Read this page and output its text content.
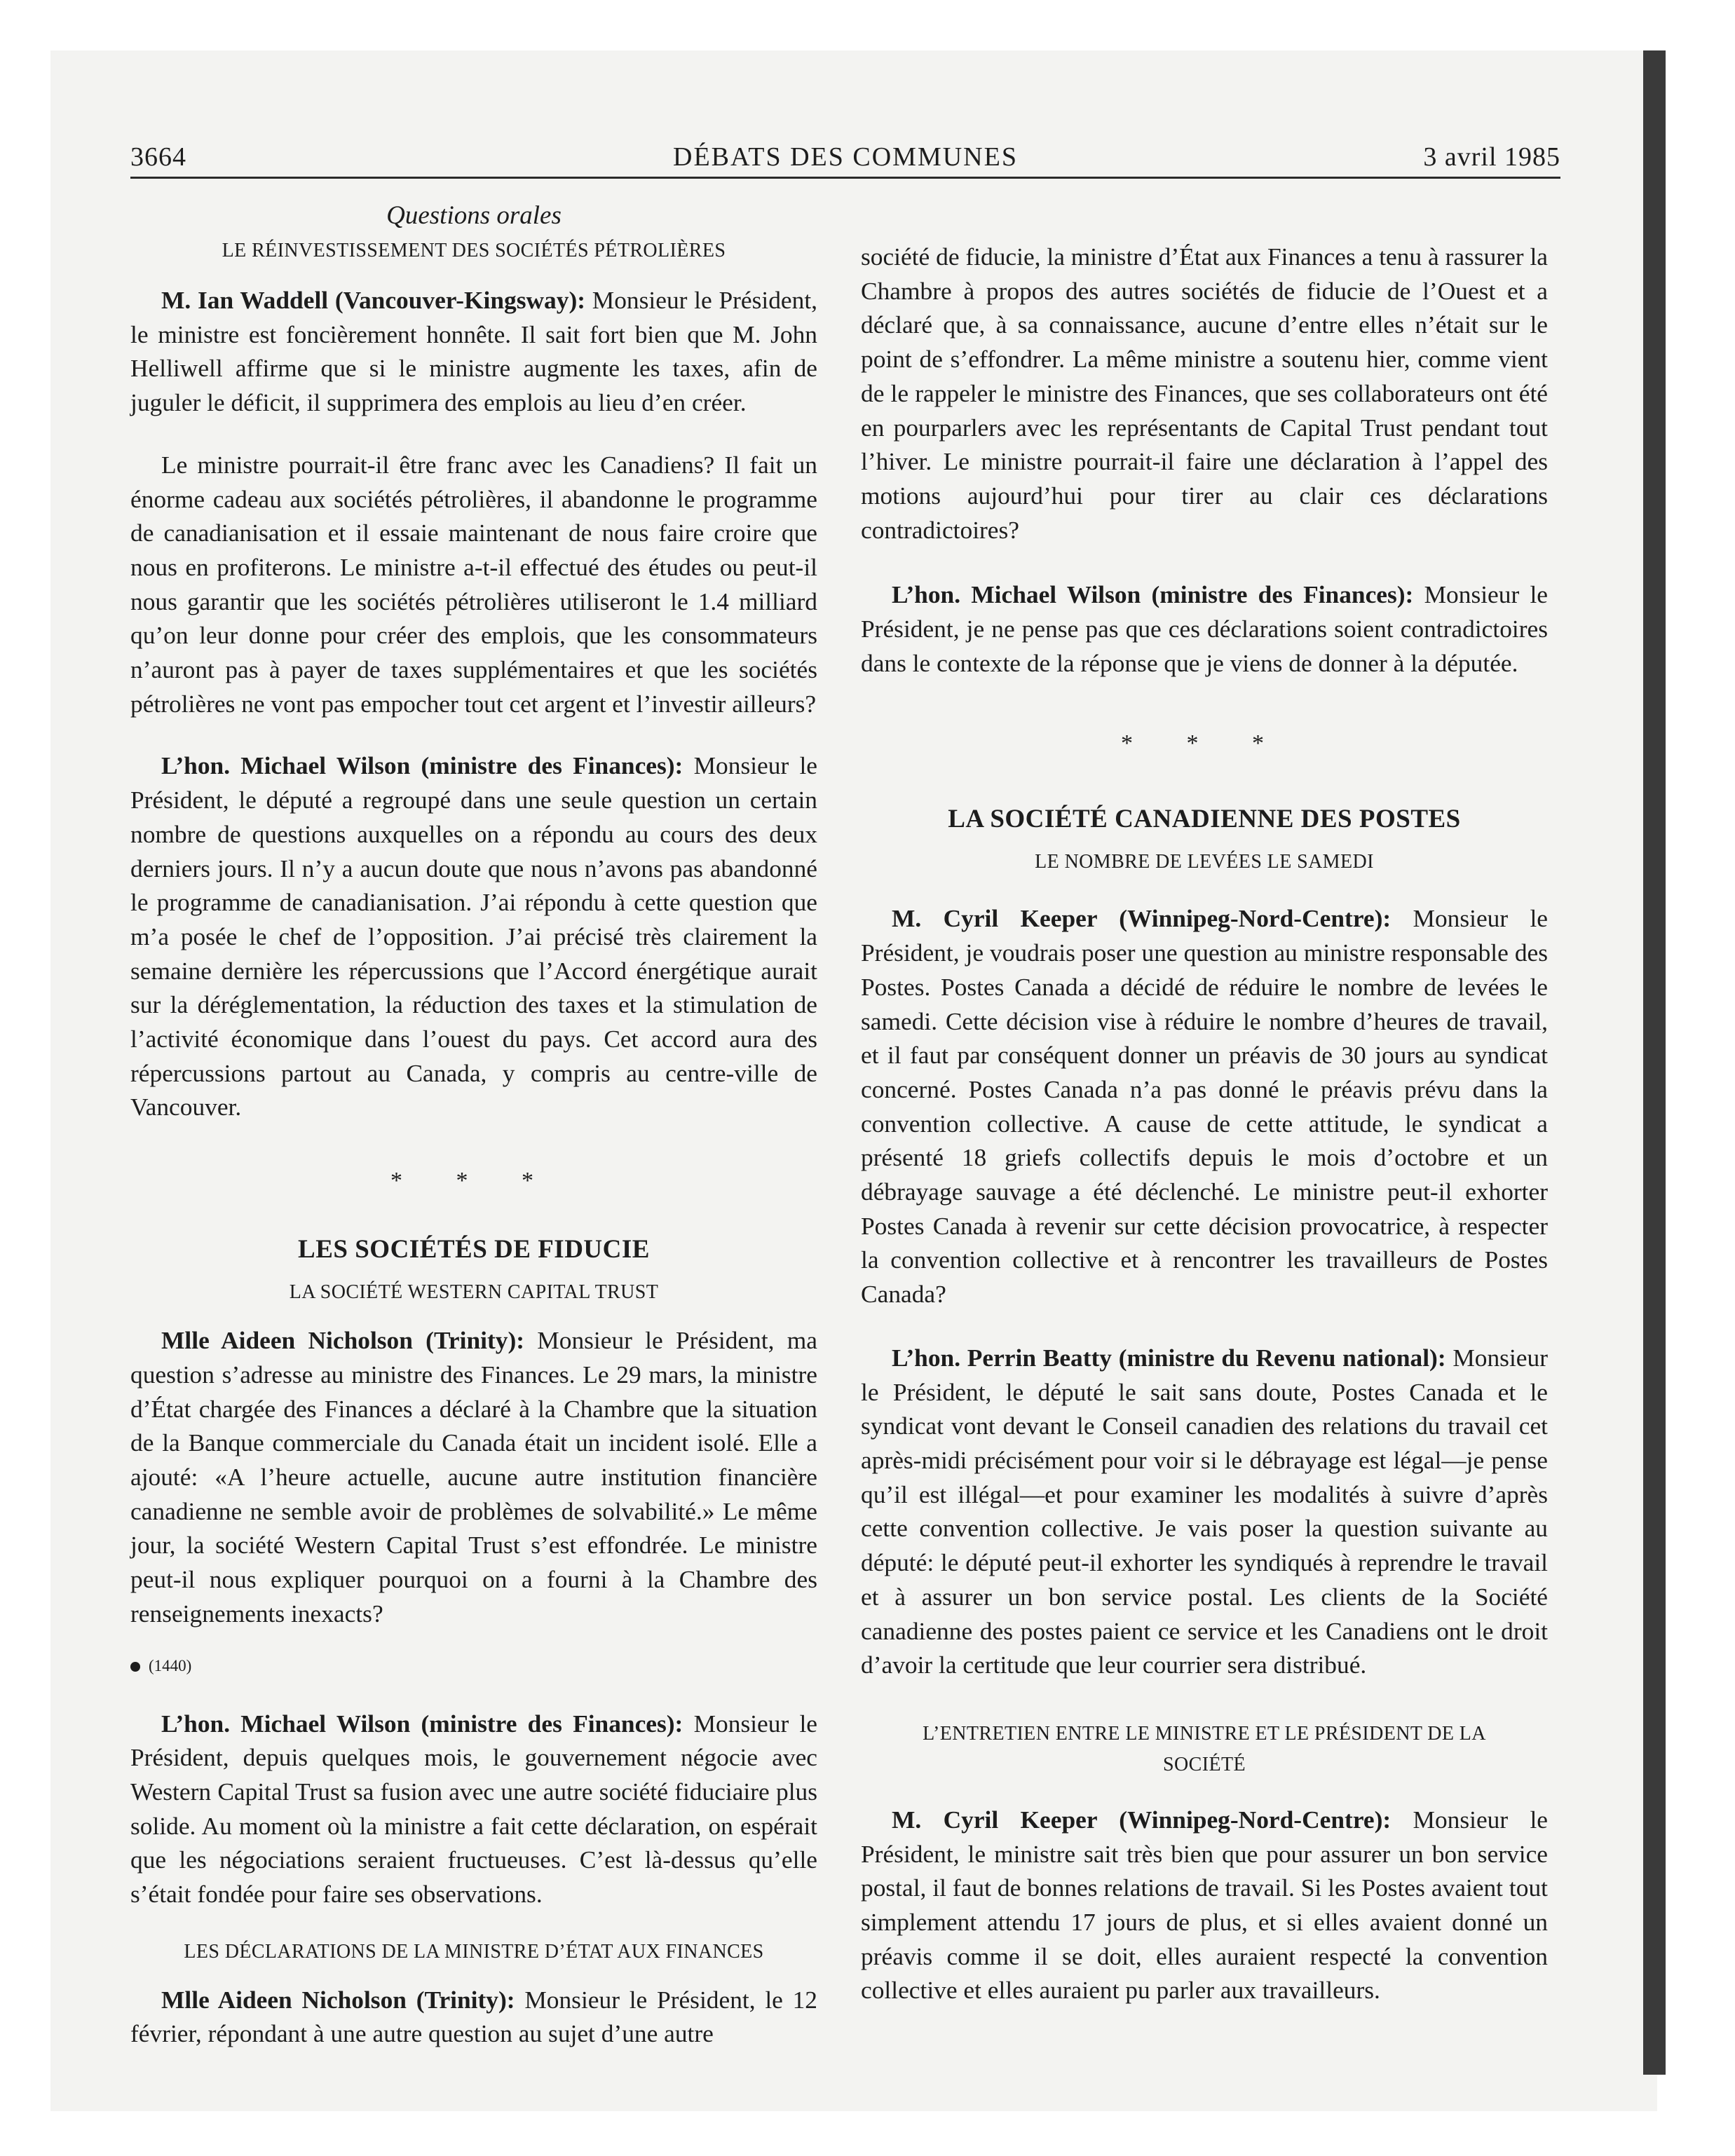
3664	DÉBATS DES COMMUNES	3 avril 1985
Questions orales
LE RÉINVESTISSEMENT DES SOCIÉTÉS PÉTROLIÈRES

M. Ian Waddell (Vancouver-Kingsway): Monsieur le Président, le ministre est foncièrement honnête. Il sait fort bien que M. John Helliwell affirme que si le ministre augmente les taxes, afin de juguler le déficit, il supprimera des emplois au lieu d’en créer.

Le ministre pourrait-il être franc avec les Canadiens? Il fait un énorme cadeau aux sociétés pétrolières, il abandonne le programme de canadianisation et il essaie maintenant de nous faire croire que nous en profiterons. Le ministre a-t-il effectué des études ou peut-il nous garantir que les sociétés pétrolières utiliseront le 1.4 milliard qu’on leur donne pour créer des emplois, que les consommateurs n’auront pas à payer de taxes supplémentaires et que les sociétés pétrolières ne vont pas empocher tout cet argent et l’investir ailleurs?

L’hon. Michael Wilson (ministre des Finances): Monsieur le Président, le député a regroupé dans une seule question un certain nombre de questions auxquelles on a répondu au cours des deux derniers jours. Il n’y a aucun doute que nous n’avons pas abandonné le programme de canadianisation. J’ai répondu à cette question que m’a posée le chef de l’opposition. J’ai précisé très clairement la semaine dernière les répercussions que l’Accord énergétique aurait sur la déréglementation, la réduction des taxes et la stimulation de l’activité économique dans l’ouest du pays. Cet accord aura des répercussions partout au Canada, y compris au centre-ville de Vancouver.

* * *
LES SOCIÉTÉS DE FIDUCIE
LA SOCIÉTÉ WESTERN CAPITAL TRUST

Mlle Aideen Nicholson (Trinity): Monsieur le Président, ma question s’adresse au ministre des Finances. Le 29 mars, la ministre d’État chargée des Finances a déclaré à la Chambre que la situation de la Banque commerciale du Canada était un incident isolé. Elle a ajouté: «A l’heure actuelle, aucune autre institution financière canadienne ne semble avoir de problèmes de solvabilité.» Le même jour, la société Western Capital Trust s’est effondrée. Le ministre peut-il nous expliquer pourquoi on a fourni à la Chambre des renseignements inexacts?

(1440)

L’hon. Michael Wilson (ministre des Finances): Monsieur le Président, depuis quelques mois, le gouvernement négocie avec Western Capital Trust sa fusion avec une autre société fiduciaire plus solide. Au moment où la ministre a fait cette déclaration, on espérait que les négociations seraient fructueuses. C’est là-dessus qu’elle s’était fondée pour faire ses observations.

LES DÉCLARATIONS DE LA MINISTRE D’ÉTAT AUX FINANCES

Mlle Aideen Nicholson (Trinity): Monsieur le Président, le 12 février, répondant à une autre question au sujet d’une autre

société de fiducie, la ministre d’État aux Finances a tenu à rassurer la Chambre à propos des autres sociétés de fiducie de l’Ouest et a déclaré que, à sa connaissance, aucune d’entre elles n’était sur le point de s’effondrer. La même ministre a soutenu hier, comme vient de le rappeler le ministre des Finances, que ses collaborateurs ont été en pourparlers avec les représentants de Capital Trust pendant tout l’hiver. Le ministre pourrait-il faire une déclaration à l’appel des motions aujourd’hui pour tirer au clair ces déclarations contradictoires?

L’hon. Michael Wilson (ministre des Finances): Monsieur le Président, je ne pense pas que ces déclarations soient contradictoires dans le contexte de la réponse que je viens de donner à la députée.

* * *
LA SOCIÉTÉ CANADIENNE DES POSTES
LE NOMBRE DE LEVÉES LE SAMEDI

M. Cyril Keeper (Winnipeg-Nord-Centre): Monsieur le Président, je voudrais poser une question au ministre responsable des Postes. Postes Canada a décidé de réduire le nombre de levées le samedi. Cette décision vise à réduire le nombre d’heures de travail, et il faut par conséquent donner un préavis de 30 jours au syndicat concerné. Postes Canada n’a pas donné le préavis prévu dans la convention collective. A cause de cette attitude, le syndicat a présenté 18 griefs collectifs depuis le mois d’octobre et un débrayage sauvage a été déclenché. Le ministre peut-il exhorter Postes Canada à revenir sur cette décision provocatrice, à respecter la convention collective et à rencontrer les travailleurs de Postes Canada?

L’hon. Perrin Beatty (ministre du Revenu national): Monsieur le Président, le député le sait sans doute, Postes Canada et le syndicat vont devant le Conseil canadien des relations du travail cet après-midi précisément pour voir si le débrayage est légal—je pense qu’il est illégal—et pour examiner les modalités à suivre d’après cette convention collective. Je vais poser la question suivante au député: le député peut-il exhorter les syndiqués à reprendre le travail et à assurer un bon service postal. Les clients de la Société canadienne des postes paient ce service et les Canadiens ont le droit d’avoir la certitude que leur courrier sera distribué.

L’ENTRETIEN ENTRE LE MINISTRE ET LE PRÉSIDENT DE LA SOCIÉTÉ

M. Cyril Keeper (Winnipeg-Nord-Centre): Monsieur le Président, le ministre sait très bien que pour assurer un bon service postal, il faut de bonnes relations de travail. Si les Postes avaient tout simplement attendu 17 jours de plus, et si elles avaient donné un préavis comme il se doit, elles auraient respecté la convention collective et elles auraient pu parler aux travailleurs.
